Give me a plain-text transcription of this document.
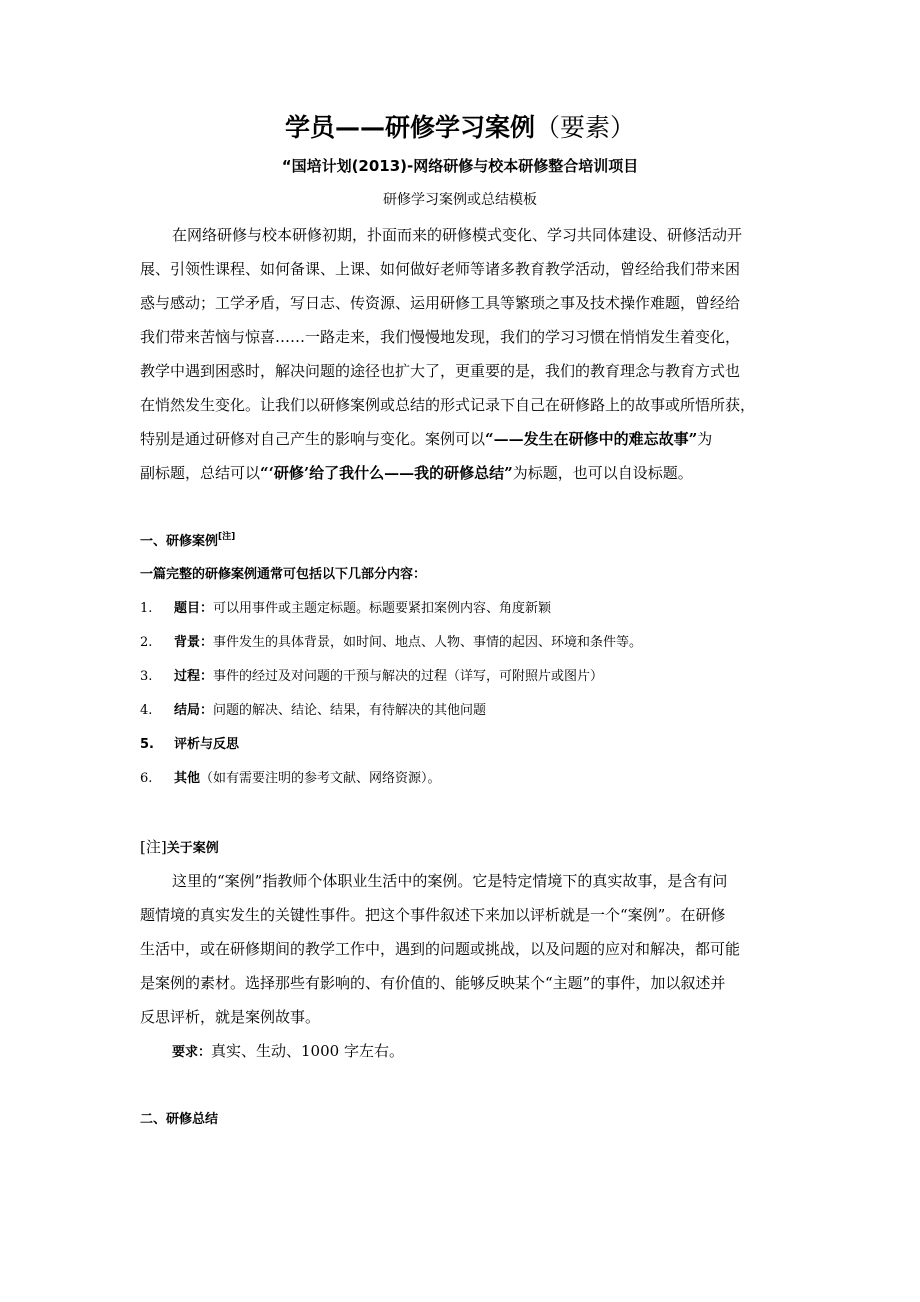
学员——研修学习案例（要素）
“国培计划(2013)-网络研修与校本研修整合培训项目
研修学习案例或总结模板
在网络研修与校本研修初期，扑面而来的研修模式变化、学习共同体建设、研修活动开
展、引领性课程、如何备课、上课、如何做好老师等诸多教育教学活动，曾经给我们带来困
惑与感动；工学矛盾，写日志、传资源、运用研修工具等繁琐之事及技术操作难题，曾经给
我们带来苦恼与惊喜……一路走来，我们慢慢地发现，我们的学习习惯在悄悄发生着变化，
教学中遇到困惑时，解决问题的途径也扩大了，更重要的是，我们的教育理念与教育方式也
在悄然发生变化。让我们以研修案例或总结的形式记录下自己在研修路上的故事或所悟所获，
特别是通过研修对自己产生的影响与变化。案例可以“——发生在研修中的难忘故事”为
副标题，总结可以“‘研修’给了我什么——我的研修总结”为标题，也可以自设标题。
一、研修案例[注]
一篇完整的研修案例通常可包括以下几部分内容：
1. 题目：可以用事件或主题定标题。标题要紧扣案例内容、角度新颖
2. 背景：事件发生的具体背景，如时间、地点、人物、事情的起因、环境和条件等。
3. 过程：事件的经过及对问题的干预与解决的过程（详写，可附照片或图片）
4. 结局：问题的解决、结论、结果，有待解决的其他问题
5. 评析与反思
6. 其他（如有需要注明的参考文献、网络资源）。
[注]关于案例
这里的“案例”指教师个体职业生活中的案例。它是特定情境下的真实故事，是含有问
题情境的真实发生的关键性事件。把这个事件叙述下来加以评析就是一个“案例”。在研修
生活中，或在研修期间的教学工作中，遇到的问题或挑战，以及问题的应对和解决，都可能
是案例的素材。选择那些有影响的、有价值的、能够反映某个“主题”的事件，加以叙述并
反思评析，就是案例故事。
要求：真实、生动、1000 字左右。
二、研修总结
